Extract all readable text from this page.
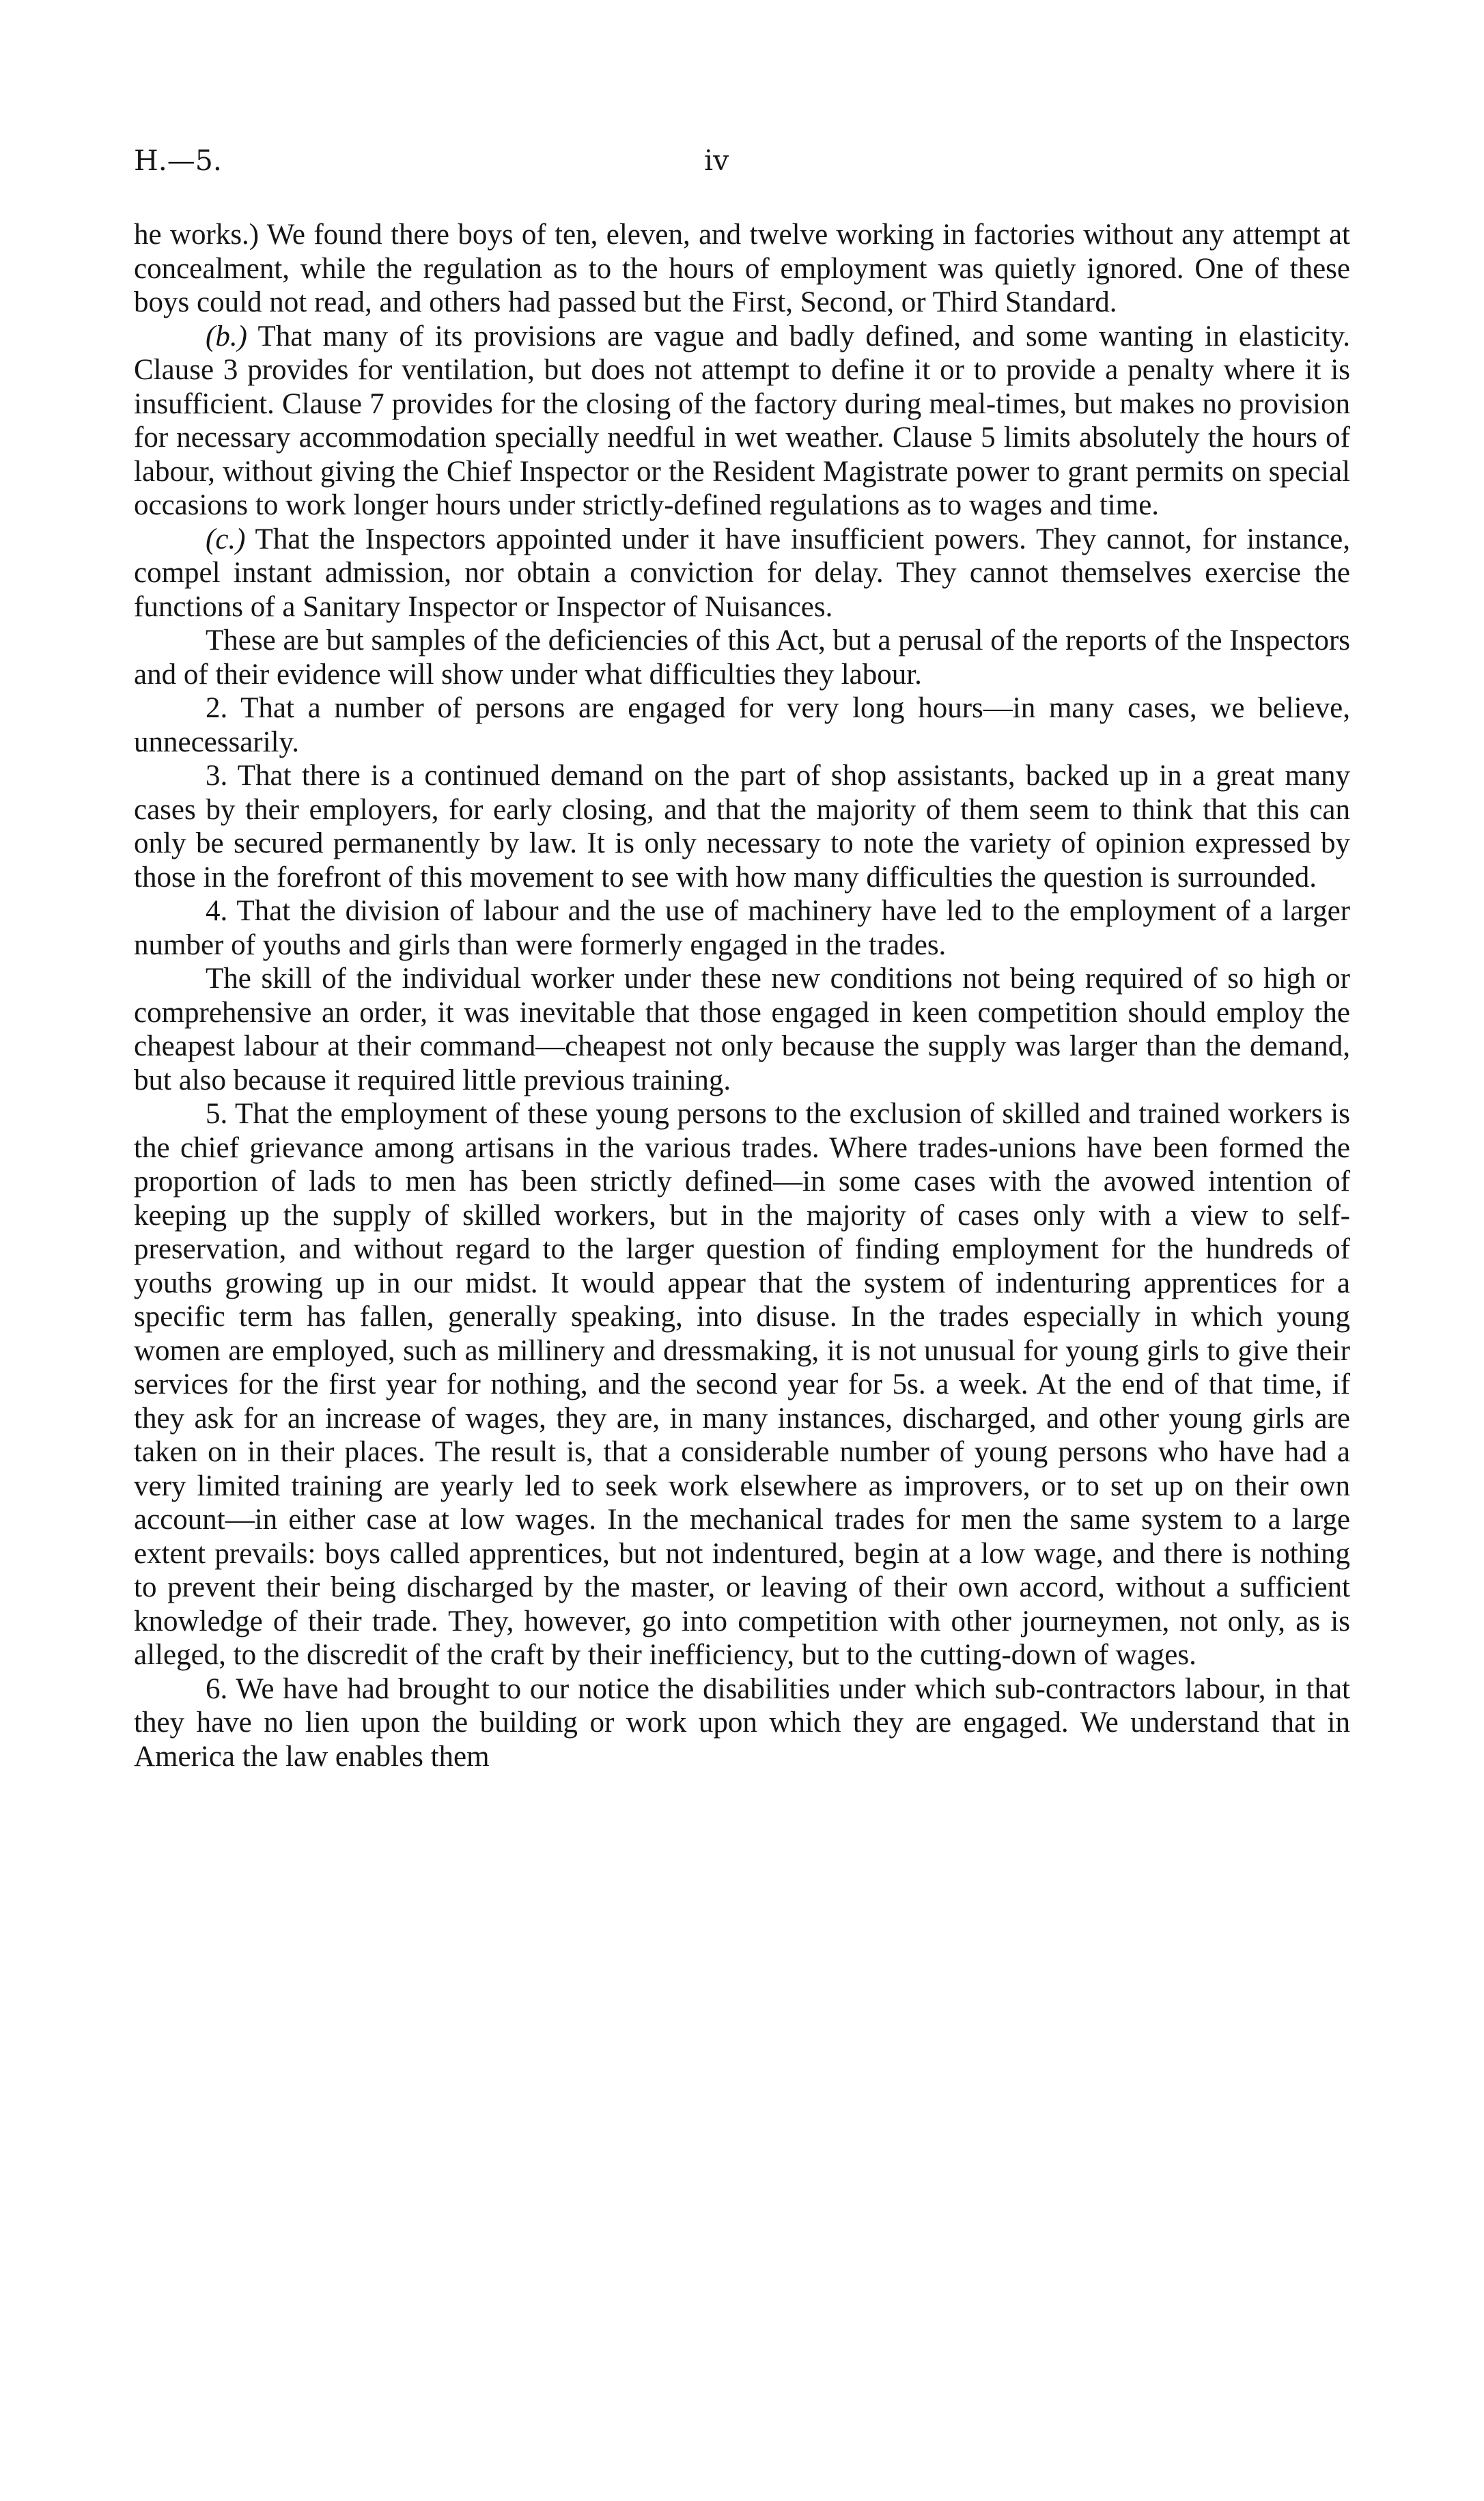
H.—5.	iv

he works.) We found there boys of ten, eleven, and twelve working in factories without any attempt at concealment, while the regulation as to the hours of employment was quietly ignored. One of these boys could not read, and others had passed but the First, Second, or Third Standard.

(b.) That many of its provisions are vague and badly defined, and some wanting in elasticity. Clause 3 provides for ventilation, but does not attempt to define it or to provide a penalty where it is insufficient. Clause 7 provides for the closing of the factory during meal-times, but makes no provision for necessary accommodation specially needful in wet weather. Clause 5 limits absolutely the hours of labour, without giving the Chief Inspector or the Resident Magistrate power to grant permits on special occasions to work longer hours under strictly-defined regulations as to wages and time.

(c.) That the Inspectors appointed under it have insufficient powers. They cannot, for instance, compel instant admission, nor obtain a conviction for delay. They cannot themselves exercise the functions of a Sanitary Inspector or Inspector of Nuisances.

These are but samples of the deficiencies of this Act, but a perusal of the reports of the Inspectors and of their evidence will show under what difficulties they labour.

2. That a number of persons are engaged for very long hours—in many cases, we believe, unnecessarily.

3. That there is a continued demand on the part of shop assistants, backed up in a great many cases by their employers, for early closing, and that the majority of them seem to think that this can only be secured permanently by law. It is only necessary to note the variety of opinion expressed by those in the forefront of this movement to see with how many difficulties the question is surrounded.

4. That the division of labour and the use of machinery have led to the employment of a larger number of youths and girls than were formerly engaged in the trades.

The skill of the individual worker under these new conditions not being required of so high or comprehensive an order, it was inevitable that those engaged in keen competition should employ the cheapest labour at their command—cheapest not only because the supply was larger than the demand, but also because it required little previous training.

5. That the employment of these young persons to the exclusion of skilled and trained workers is the chief grievance among artisans in the various trades. Where trades-unions have been formed the proportion of lads to men has been strictly defined—in some cases with the avowed intention of keeping up the supply of skilled workers, but in the majority of cases only with a view to self-preservation, and without regard to the larger question of finding employment for the hundreds of youths growing up in our midst. It would appear that the system of indenturing apprentices for a specific term has fallen, generally speaking, into disuse. In the trades especially in which young women are employed, such as millinery and dressmaking, it is not unusual for young girls to give their services for the first year for nothing, and the second year for 5s. a week. At the end of that time, if they ask for an increase of wages, they are, in many instances, discharged, and other young girls are taken on in their places. The result is, that a considerable number of young persons who have had a very limited training are yearly led to seek work elsewhere as improvers, or to set up on their own account—in either case at low wages. In the mechanical trades for men the same system to a large extent prevails: boys called apprentices, but not indentured, begin at a low wage, and there is nothing to prevent their being discharged by the master, or leaving of their own accord, without a sufficient knowledge of their trade. They, however, go into competition with other journeymen, not only, as is alleged, to the discredit of the craft by their inefficiency, but to the cutting-down of wages.

6. We have had brought to our notice the disabilities under which sub-contractors labour, in that they have no lien upon the building or work upon which they are engaged. We understand that in America the law enables them
